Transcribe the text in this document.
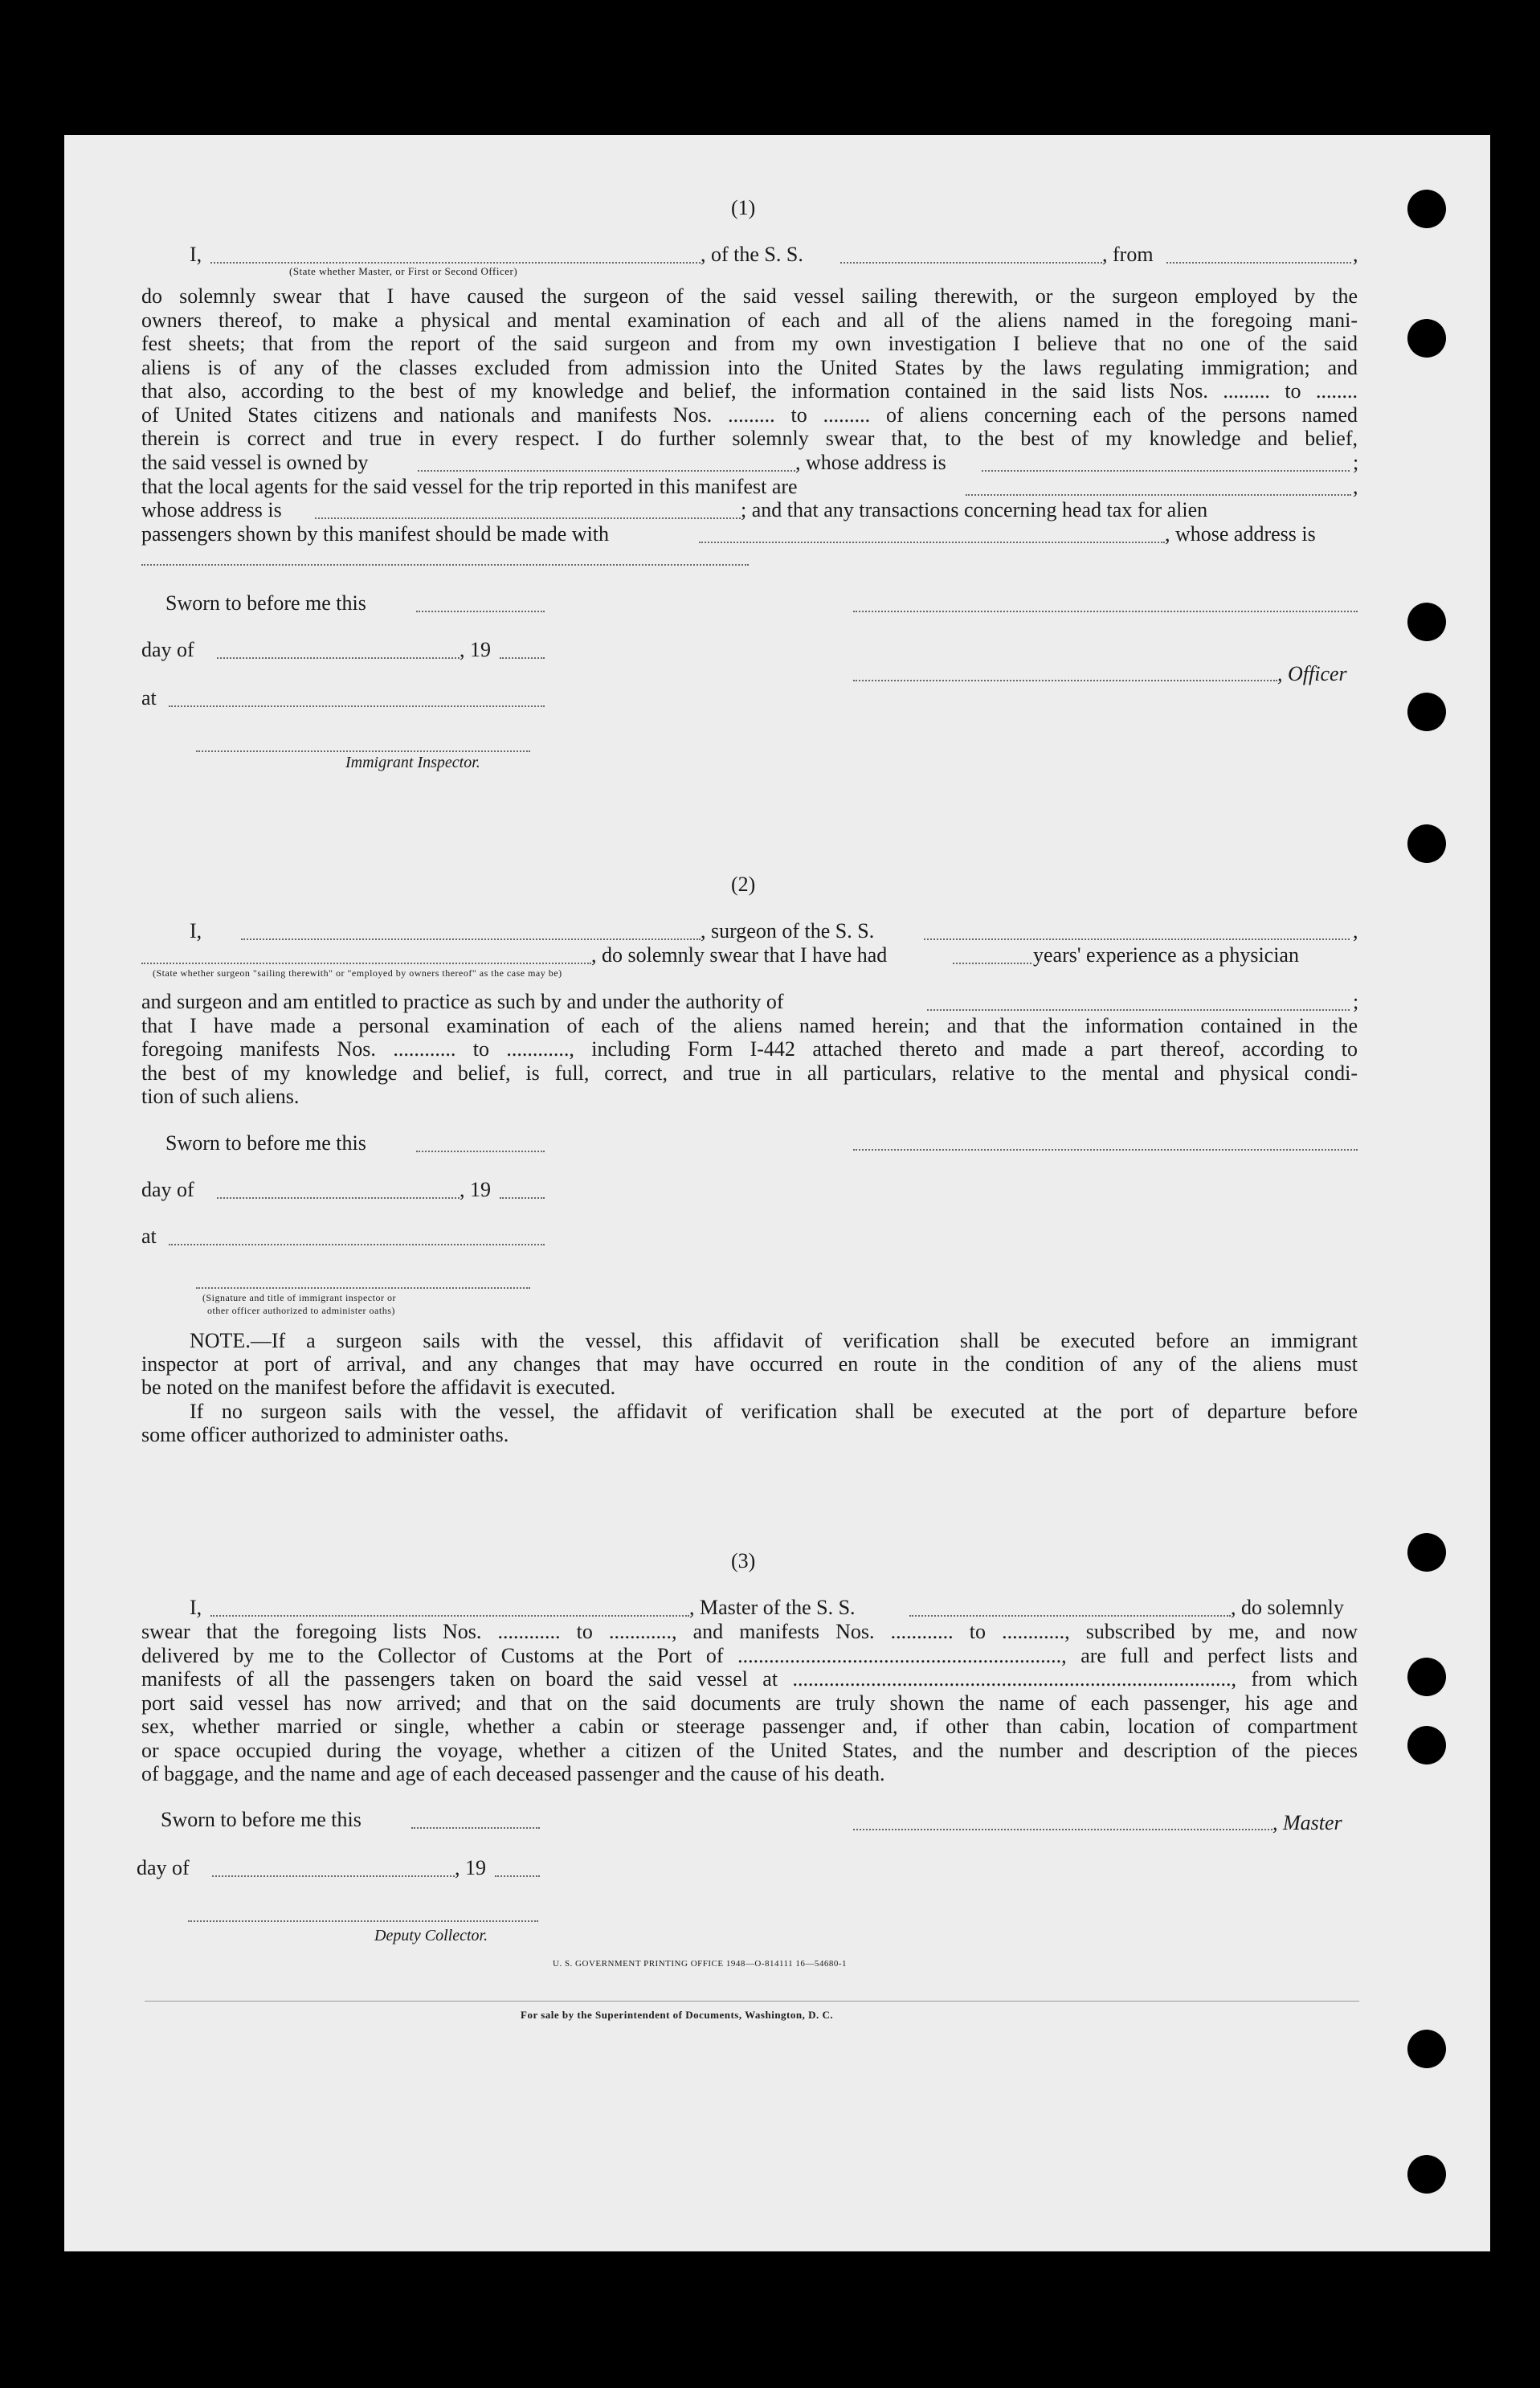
(1)
I,	, of the S. S.	, from	,
(State whether Master, or First or Second Officer)
do solemnly swear that I have caused the surgeon of the said vessel sailing therewith, or the surgeon employed by the
owners thereof, to make a physical and mental examination of each and all of the aliens named in the foregoing mani-
fest sheets; that from the report of the said surgeon and from my own investigation I believe that no one of the said
aliens is of any of the classes excluded from admission into the United States by the laws regulating immigration; and
that also, according to the best of my knowledge and belief, the information contained in the said lists Nos. ......... to ........
of United States citizens and nationals and manifests Nos. ......... to ......... of aliens concerning each of the persons named
therein is correct and true in every respect. I do further solemnly swear that, to the best of my knowledge and belief,
the said vessel is owned by	, whose address is	;
that the local agents for the said vessel for the trip reported in this manifest are	,
whose address is	; and that any transactions concerning head tax for alien
passengers shown by this manifest should be made with	, whose address is
Sworn to before me this
day of	, 19
, Officer
at
Immigrant Inspector.
(2)
I,	, surgeon of the S. S.	,
, do solemnly swear that I have had	years' experience as a physician
(State whether surgeon "sailing therewith" or "employed by owners thereof" as the case may be)
and surgeon and am entitled to practice as such by and under the authority of	;
that I have made a personal examination of each of the aliens named herein; and that the information contained in the
foregoing manifests Nos. ............ to ............, including Form I-442 attached thereto and made a part thereof, according to
the best of my knowledge and belief, is full, correct, and true in all particulars, relative to the mental and physical condi-
tion of such aliens.
Sworn to before me this
day of	, 19
at
(Signature and title of immigrant inspector or
other officer authorized to administer oaths)
NOTE.—If a surgeon sails with the vessel, this affidavit of verification shall be executed before an immigrant
inspector at port of arrival, and any changes that may have occurred en route in the condition of any of the aliens must
be noted on the manifest before the affidavit is executed.
If no surgeon sails with the vessel, the affidavit of verification shall be executed at the port of departure before
some officer authorized to administer oaths.
(3)
I,	, Master of the S. S.	, do solemnly
swear that the foregoing lists Nos. ............ to ............, and manifests Nos. ............ to ............, subscribed by me, and now
delivered by me to the Collector of Customs at the Port of .............................................................., are full and perfect lists and
manifests of all the passengers taken on board the said vessel at ...................................................................................., from which
port said vessel has now arrived; and that on the said documents are truly shown the name of each passenger, his age and
sex, whether married or single, whether a cabin or steerage passenger and, if other than cabin, location of compartment
or space occupied during the voyage, whether a citizen of the United States, and the number and description of the pieces
of baggage, and the name and age of each deceased passenger and the cause of his death.
Sworn to before me this	, Master
day of	, 19
Deputy Collector.
U. S. GOVERNMENT PRINTING OFFICE 1948—O-814111 16—54680-1
For sale by the Superintendent of Documents, Washington, D. C.
